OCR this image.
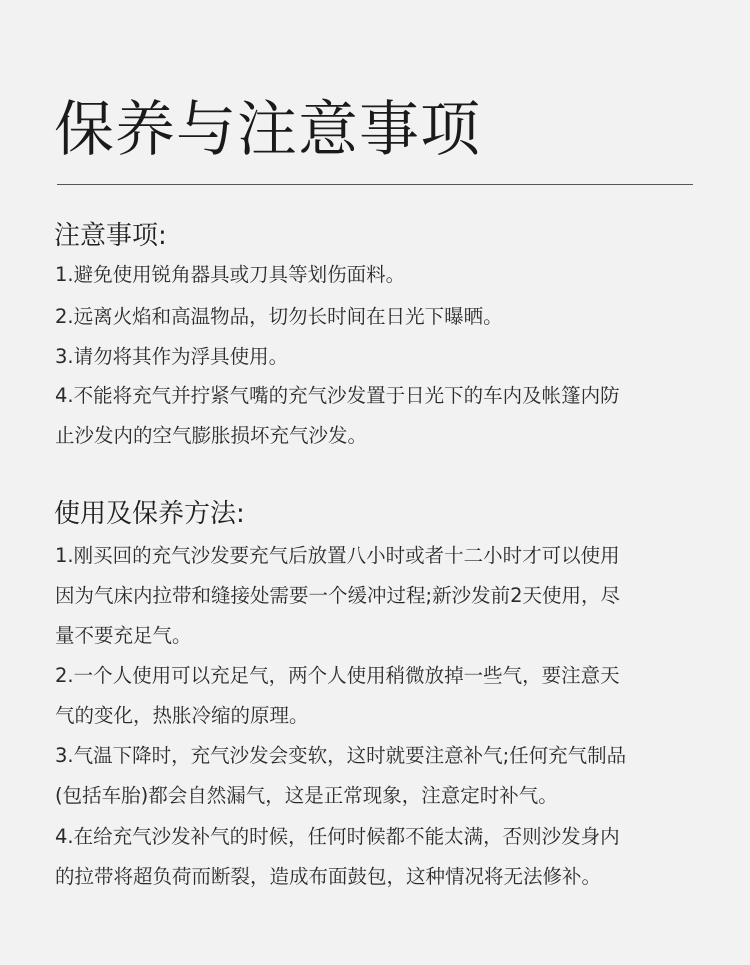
保养与注意事项
注意事项:
1.避免使用锐角器具或刀具等划伤面料。
2.远离火焰和高温物品，切勿长时间在日光下曝晒。
3.请勿将其作为浮具使用。
4.不能将充气并拧紧气嘴的充气沙发置于日光下的车内及帐篷内防
止沙发内的空气膨胀损坏充气沙发。
使用及保养方法:
1.刚买回的充气沙发要充气后放置八小时或者十二小时才可以使用
因为气床内拉带和缝接处需要一个缓冲过程;新沙发前2天使用，尽
量不要充足气。
2.一个人使用可以充足气，两个人使用稍微放掉一些气，要注意天
气的变化，热胀冷缩的原理。
3.气温下降时，充气沙发会变软，这时就要注意补气;任何充气制品
(包括车胎)都会自然漏气，这是正常现象，注意定时补气。
4.在给充气沙发补气的时候，任何时候都不能太满，否则沙发身内
的拉带将超负荷而断裂，造成布面鼓包，这种情况将无法修补。
